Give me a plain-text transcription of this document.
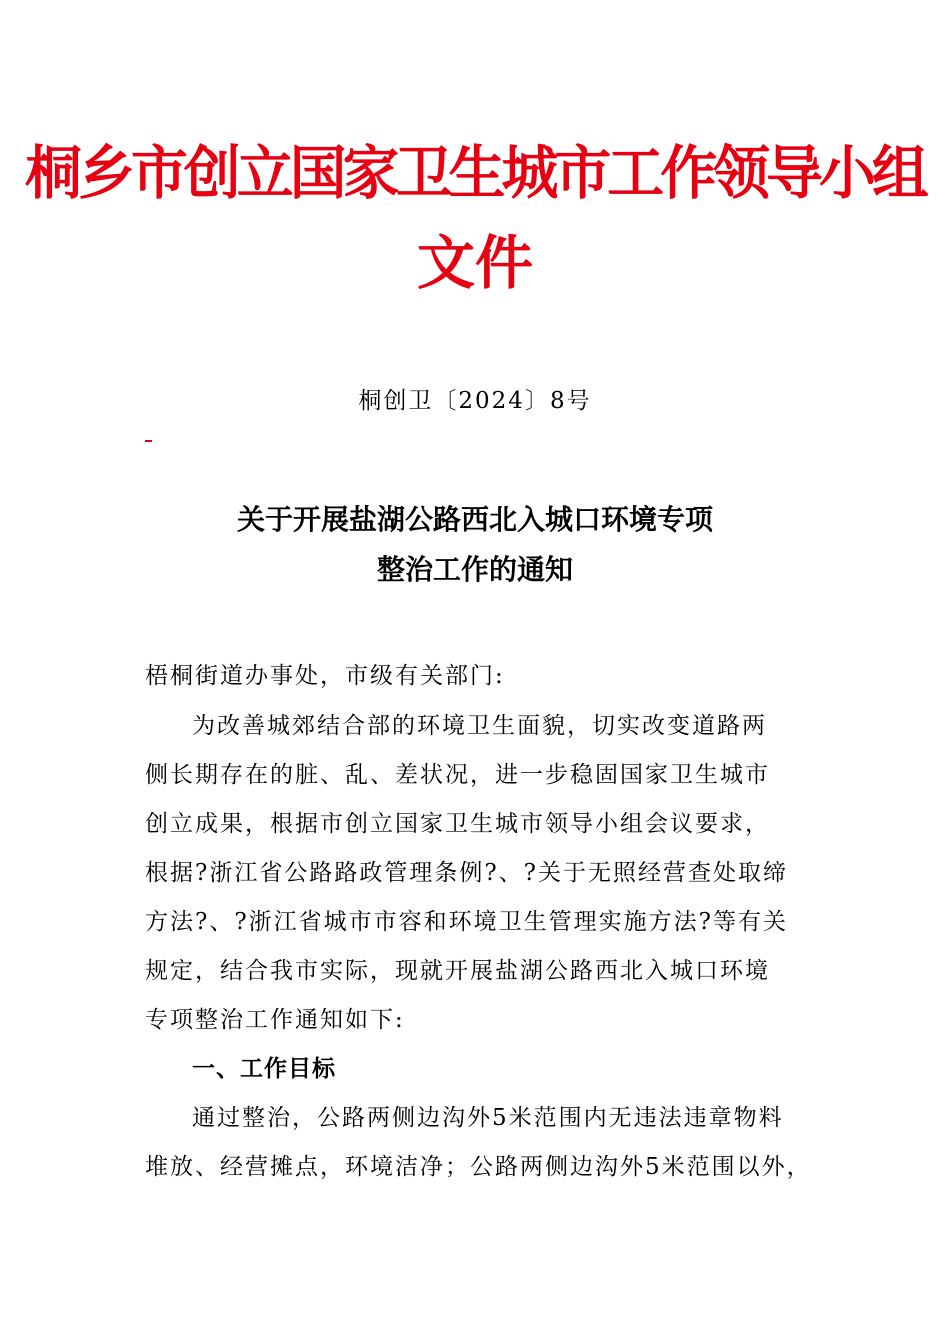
桐乡市创立国家卫生城市工作领导小组
文件
桐创卫〔2024〕8号
关于开展盐湖公路西北入城口环境专项
整治工作的通知
梧桐街道办事处，市级有关部门:
为改善城郊结合部的环境卫生面貌，切实改变道路两
侧长期存在的脏、乱、差状况，进一步稳固国家卫生城市
创立成果，根据市创立国家卫生城市领导小组会议要求，
根据?浙江省公路路政管理条例?、?关于无照经营查处取缔
方法?、?浙江省城市市容和环境卫生管理实施方法?等有关
规定，结合我市实际，现就开展盐湖公路西北入城口环境
专项整治工作通知如下:
一、工作目标
通过整治，公路两侧边沟外5米范围内无违法违章物料
堆放、经营摊点，环境洁净；公路两侧边沟外5米范围以外，
